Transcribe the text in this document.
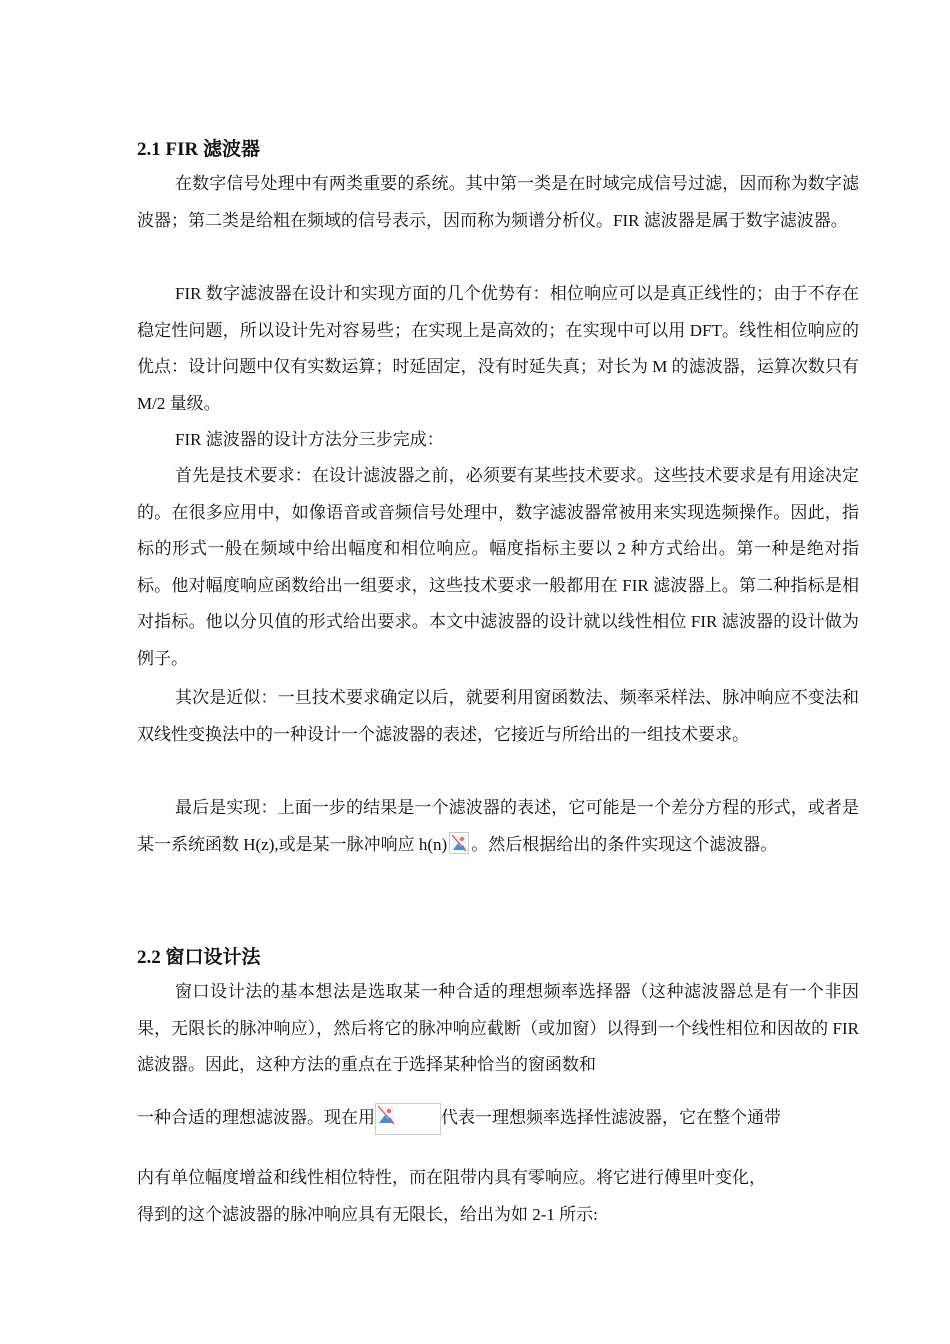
2.1 FIR 滤波器

在数字信号处理中有两类重要的系统。其中第一类是在时域完成信号过滤，因而称为数字滤波器；第二类是给粗在频域的信号表示，因而称为频谱分析仪。FIR 滤波器是属于数字滤波器。

FIR 数字滤波器在设计和实现方面的几个优势有：相位响应可以是真正线性的；由于不存在稳定性问题，所以设计先对容易些；在实现上是高效的；在实现中可以用 DFT。线性相位响应的优点：设计问题中仅有实数运算；时延固定，没有时延失真；对长为 M 的滤波器，运算次数只有 M/2 量级。

FIR 滤波器的设计方法分三步完成：

首先是技术要求：在设计滤波器之前，必须要有某些技术要求。这些技术要求是有用途决定的。在很多应用中，如像语音或音频信号处理中，数字滤波器常被用来实现选频操作。因此，指标的形式一般在频域中给出幅度和相位响应。幅度指标主要以 2 种方式给出。第一种是绝对指标。他对幅度响应函数给出一组要求，这些技术要求一般都用在 FIR 滤波器上。第二种指标是相对指标。他以分贝值的形式给出要求。本文中滤波器的设计就以线性相位 FIR 滤波器的设计做为例子。

其次是近似：一旦技术要求确定以后，就要利用窗函数法、频率采样法、脉冲响应不变法和双线性变换法中的一种设计一个滤波器的表述，它接近与所给出的一组技术要求。

最后是实现：上面一步的结果是一个滤波器的表述，它可能是一个差分方程的形式，或者是某一系统函数 H(z),或是某一脉冲响应 h(n) 。然后根据给出的条件实现这个滤波器。

2.2 窗口设计法

窗口设计法的基本想法是选取某一种合适的理想频率选择器（这种滤波器总是有一个非因果，无限长的脉冲响应），然后将它的脉冲响应截断（或加窗）以得到一个线性相位和因故的 FIR 滤波器。因此，这种方法的重点在于选择某种恰当的窗函数和

一种合适的理想滤波器。现在用	代表一理想频率选择性滤波器，它在整个通带
内有单位幅度增益和线性相位特性，而在阻带内具有零响应。将它进行傅里叶变化，
得到的这个滤波器的脉冲响应具有无限长，给出为如 2-1 所示:
